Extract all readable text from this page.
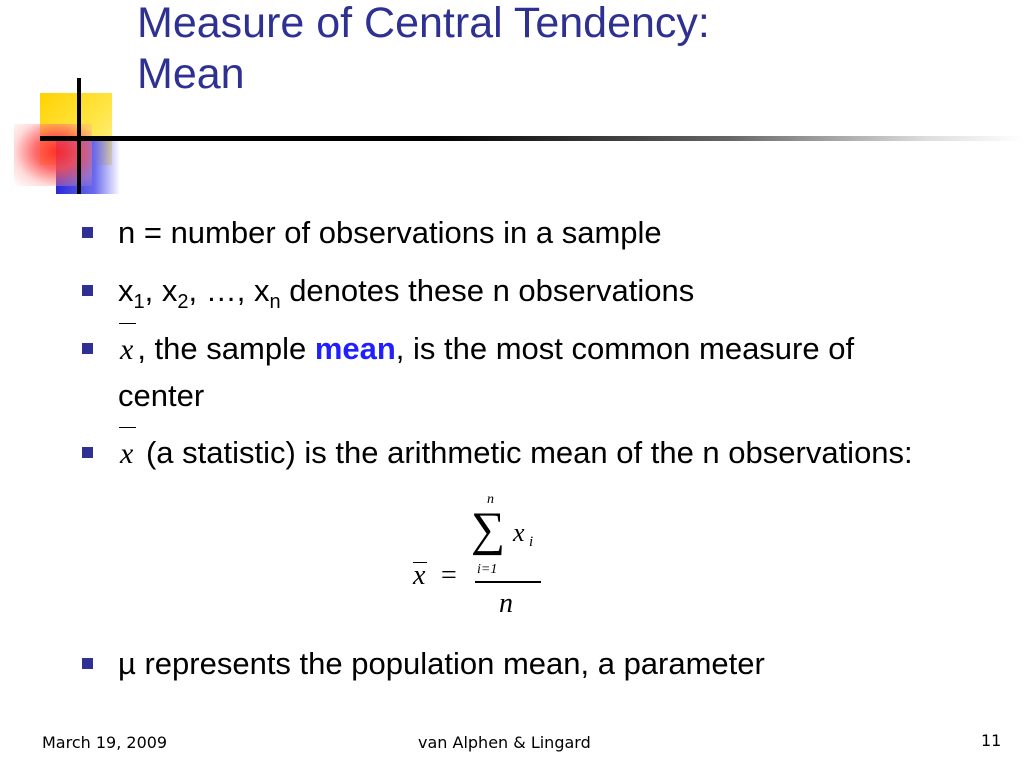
Measure of Central Tendency:
Mean
n = number of observations in a sample
$x_1$, $x_2$, …, $x_n$ denotes these n observations
x , the sample mean, is the most common measure of center
x (a statistic) is the arithmetic mean of the n observations:
µ represents the population mean, a parameter
x =
n
∑ x i
i=1
n
March 19, 2009	van Alphen & Lingard	11
